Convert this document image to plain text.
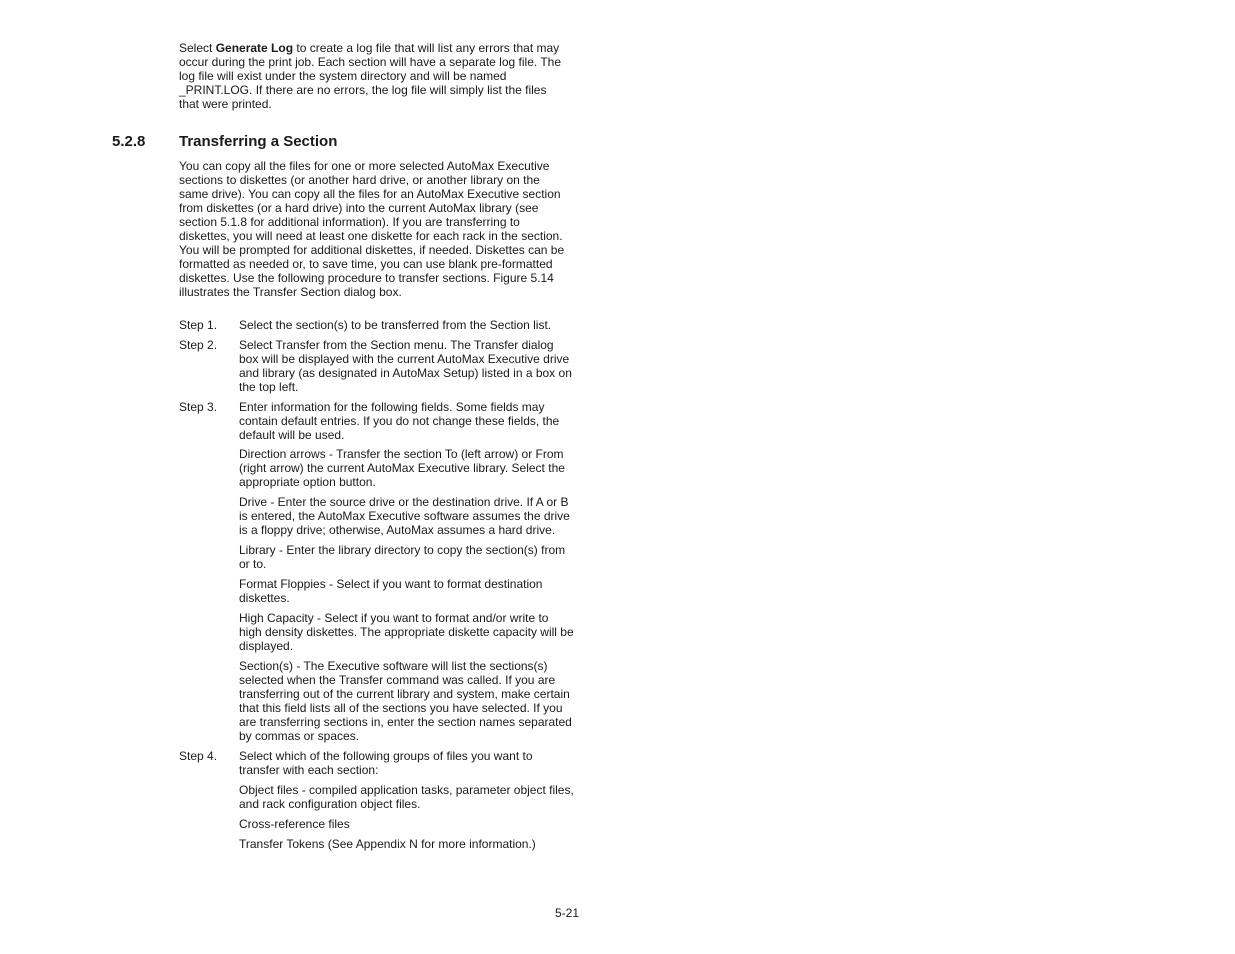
Select Generate Log to create a log file that will list any errors that may occur during the print job. Each section will have a separate log file. The log file will exist under the system directory and will be named _PRINT.LOG. If there are no errors, the log file will simply list the files that were printed.

5.2.8 Transferring a Section

You can copy all the files for one or more selected AutoMax Executive sections to diskettes (or another hard drive, or another library on the same drive). You can copy all the files for an AutoMax Executive section from diskettes (or a hard drive) into the current AutoMax library (see section 5.1.8 for additional information). If you are transferring to diskettes, you will need at least one diskette for each rack in the section. You will be prompted for additional diskettes, if needed. Diskettes can be formatted as needed or, to save time, you can use blank pre-formatted diskettes. Use the following procedure to transfer sections. Figure 5.14 illustrates the Transfer Section dialog box.

Step 1. Select the section(s) to be transferred from the Section list.

Step 2. Select Transfer from the Section menu. The Transfer dialog box will be displayed with the current AutoMax Executive drive and library (as designated in AutoMax Setup) listed in a box on the top left.

Step 3. Enter information for the following fields. Some fields may contain default entries. If you do not change these fields, the default will be used.

Direction arrows - Transfer the section To (left arrow) or From (right arrow) the current AutoMax Executive library. Select the appropriate option button.

Drive - Enter the source drive or the destination drive. If A or B is entered, the AutoMax Executive software assumes the drive is a floppy drive; otherwise, AutoMax assumes a hard drive.

Library - Enter the library directory to copy the section(s) from or to.

Format Floppies - Select if you want to format destination diskettes.

High Capacity - Select if you want to format and/or write to high density diskettes. The appropriate diskette capacity will be displayed.

Section(s) - The Executive software will list the sections(s) selected when the Transfer command was called. If you are transferring out of the current library and system, make certain that this field lists all of the sections you have selected. If you are transferring sections in, enter the section names separated by commas or spaces.

Step 4. Select which of the following groups of files you want to transfer with each section:

Object files - compiled application tasks, parameter object files, and rack configuration object files.

Cross-reference files

Transfer Tokens (See Appendix N for more information.)

5-21
